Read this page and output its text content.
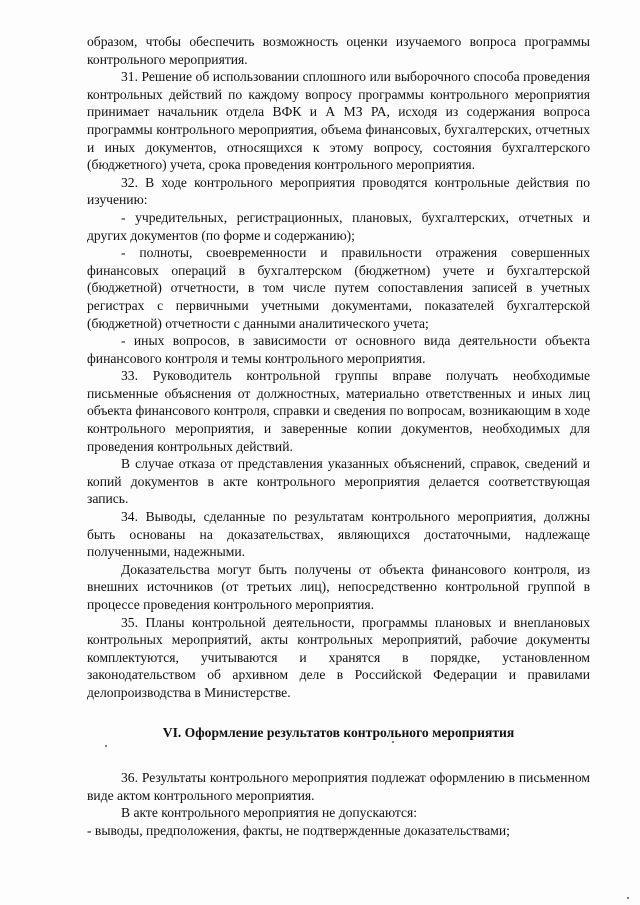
образом, чтобы обеспечить возможность оценки изучаемого вопроса программы контрольного мероприятия.

31. Решение об использовании сплошного или выборочного способа проведения контрольных действий по каждому вопросу программы контрольного мероприятия принимает начальник отдела ВФК и А МЗ РА, исходя из содержания вопроса программы контрольного мероприятия, объема финансовых, бухгалтерских, отчетных и иных документов, относящихся к этому вопросу, состояния бухгалтерского (бюджетного) учета, срока проведения контрольного мероприятия.

32. В ходе контрольного мероприятия проводятся контрольные действия по изучению:

- учредительных, регистрационных, плановых, бухгалтерских, отчетных и других документов (по форме и содержанию);

- полноты, своевременности и правильности отражения совершенных финансовых операций в бухгалтерском (бюджетном) учете и бухгалтерской (бюджетной) отчетности, в том числе путем сопоставления записей в учетных регистрах с первичными учетными документами, показателей бухгалтерской (бюджетной) отчетности с данными аналитического учета;

- иных вопросов, в зависимости от основного вида деятельности объекта финансового контроля и темы контрольного мероприятия.

33. Руководитель контрольной группы вправе получать необходимые письменные объяснения от должностных, материально ответственных и иных лиц объекта финансового контроля, справки и сведения по вопросам, возникающим в ходе контрольного мероприятия, и заверенные копии документов, необходимых для проведения контрольных действий.

В случае отказа от представления указанных объяснений, справок, сведений и копий документов в акте контрольного мероприятия делается соответствующая запись.

34. Выводы, сделанные по результатам контрольного мероприятия, должны быть основаны на доказательствах, являющихся достаточными, надлежаще полученными, надежными.

Доказательства могут быть получены от объекта финансового контроля, из внешних источников (от третьих лиц), непосредственно контрольной группой в процессе проведения контрольного мероприятия.

35. Планы контрольной деятельности, программы плановых и внеплановых контрольных мероприятий, акты контрольных мероприятий, рабочие документы комплектуются, учитываются и хранятся в порядке, установленном законодательством об архивном деле в Российской Федерации и правилами делопроизводства в Министерстве.

VI. Оформление результатов контрольного мероприятия

36. Результаты контрольного мероприятия подлежат оформлению в письменном виде актом контрольного мероприятия.

В акте контрольного мероприятия не допускаются:

- выводы, предположения, факты, не подтвержденные доказательствами;
